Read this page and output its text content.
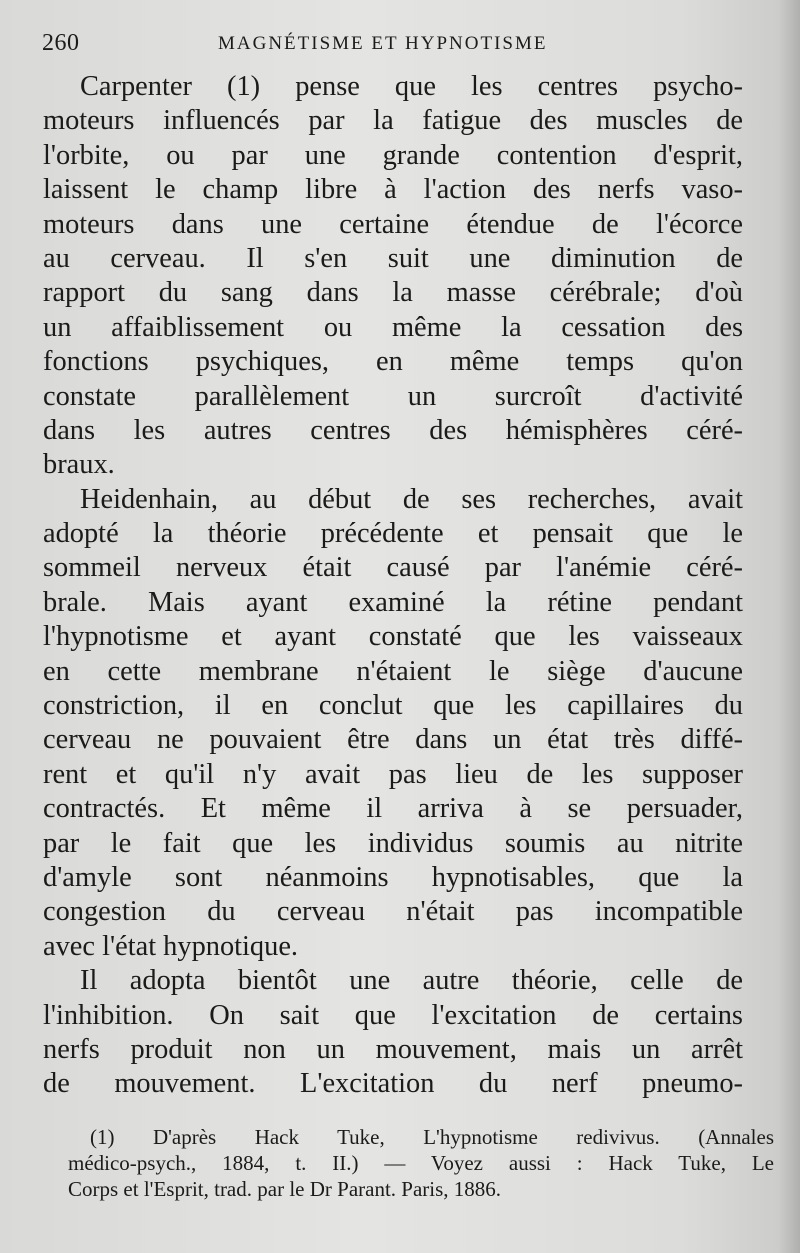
260	MAGNÉTISME ET HYPNOTISME
Carpenter (1) pense que les centres psycho-
moteurs influencés par la fatigue des muscles de
l'orbite, ou par une grande contention d'esprit,
laissent le champ libre à l'action des nerfs vaso-
moteurs dans une certaine étendue de l'écorce
au cerveau. Il s'en suit une diminution de
rapport du sang dans la masse cérébrale; d'où
un affaiblissement ou même la cessation des
fonctions psychiques, en même temps qu'on
constate parallèlement un surcroît d'activité
dans les autres centres des hémisphères céré-
braux.
Heidenhain, au début de ses recherches, avait
adopté la théorie précédente et pensait que le
sommeil nerveux était causé par l'anémie céré-
brale. Mais ayant examiné la rétine pendant
l'hypnotisme et ayant constaté que les vaisseaux
en cette membrane n'étaient le siège d'aucune
constriction, il en conclut que les capillaires du
cerveau ne pouvaient être dans un état très diffé-
rent et qu'il n'y avait pas lieu de les supposer
contractés. Et même il arriva à se persuader,
par le fait que les individus soumis au nitrite
d'amyle sont néanmoins hypnotisables, que la
congestion du cerveau n'était pas incompatible
avec l'état hypnotique.
Il adopta bientôt une autre théorie, celle de
l'inhibition. On sait que l'excitation de certains
nerfs produit non un mouvement, mais un arrêt
de mouvement. L'excitation du nerf pneumo-
(1) D'après Hack Tuke, L'hypnotisme redivivus. (Annales
médico-psych., 1884, t. II.) — Voyez aussi : Hack Tuke, Le
Corps et l'Esprit, trad. par le Dr Parant. Paris, 1886.
